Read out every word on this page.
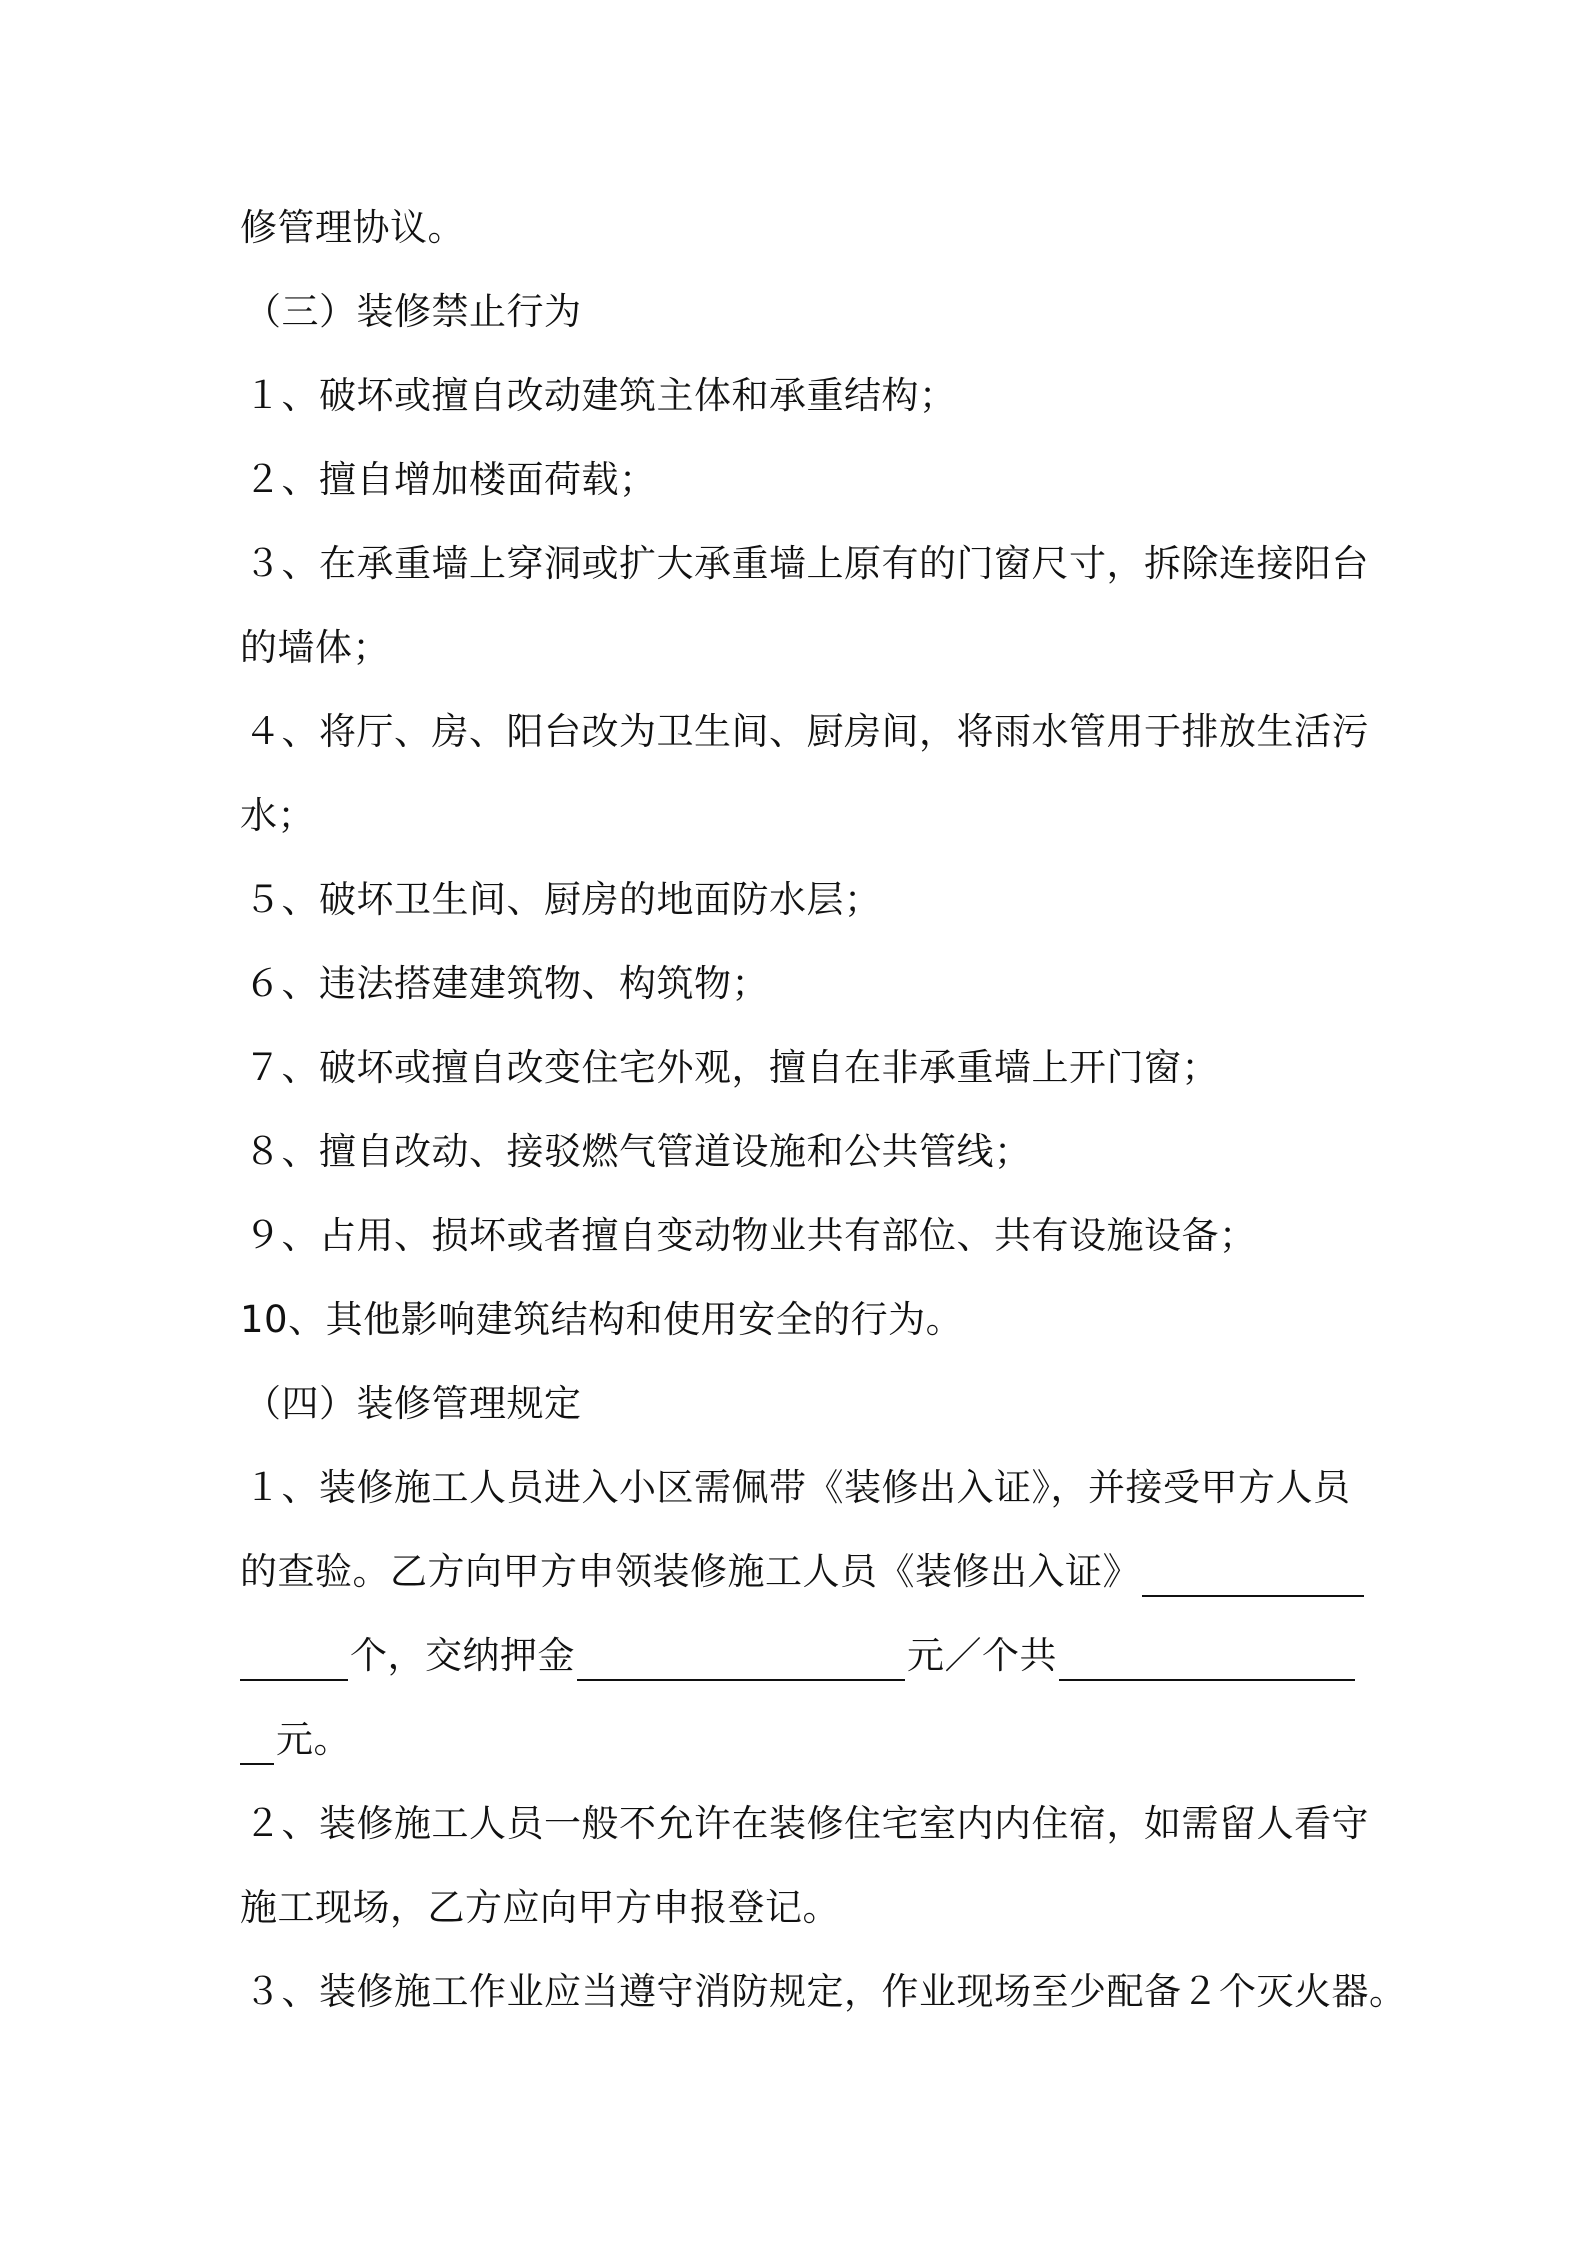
修管理协议。
（三）装修禁止行为
１、破坏或擅自改动建筑主体和承重结构；
２、擅自增加楼面荷载；
３、在承重墙上穿洞或扩大承重墙上原有的门窗尺寸，拆除连接阳台
的墙体；
４、将厅、房、阳台改为卫生间、厨房间，将雨水管用于排放生活污
水；
５、破坏卫生间、厨房的地面防水层；
６、违法搭建建筑物、构筑物；
７、破坏或擅自改变住宅外观，擅自在非承重墙上开门窗；
８、擅自改动、接驳燃气管道设施和公共管线；
９、占用、损坏或者擅自变动物业共有部位、共有设施设备；
10、其他影响建筑结构和使用安全的行为。
（四）装修管理规定
１、装修施工人员进入小区需佩带《装修出入证》，并接受甲方人员
的查验。乙方向甲方申领装修施工人员《装修出入证》
个，交纳押金	元／个共
元。
２、装修施工人员一般不允许在装修住宅室内内住宿，如需留人看守
施工现场，乙方应向甲方申报登记。
３、装修施工作业应当遵守消防规定，作业现场至少配备２个灭火器。
